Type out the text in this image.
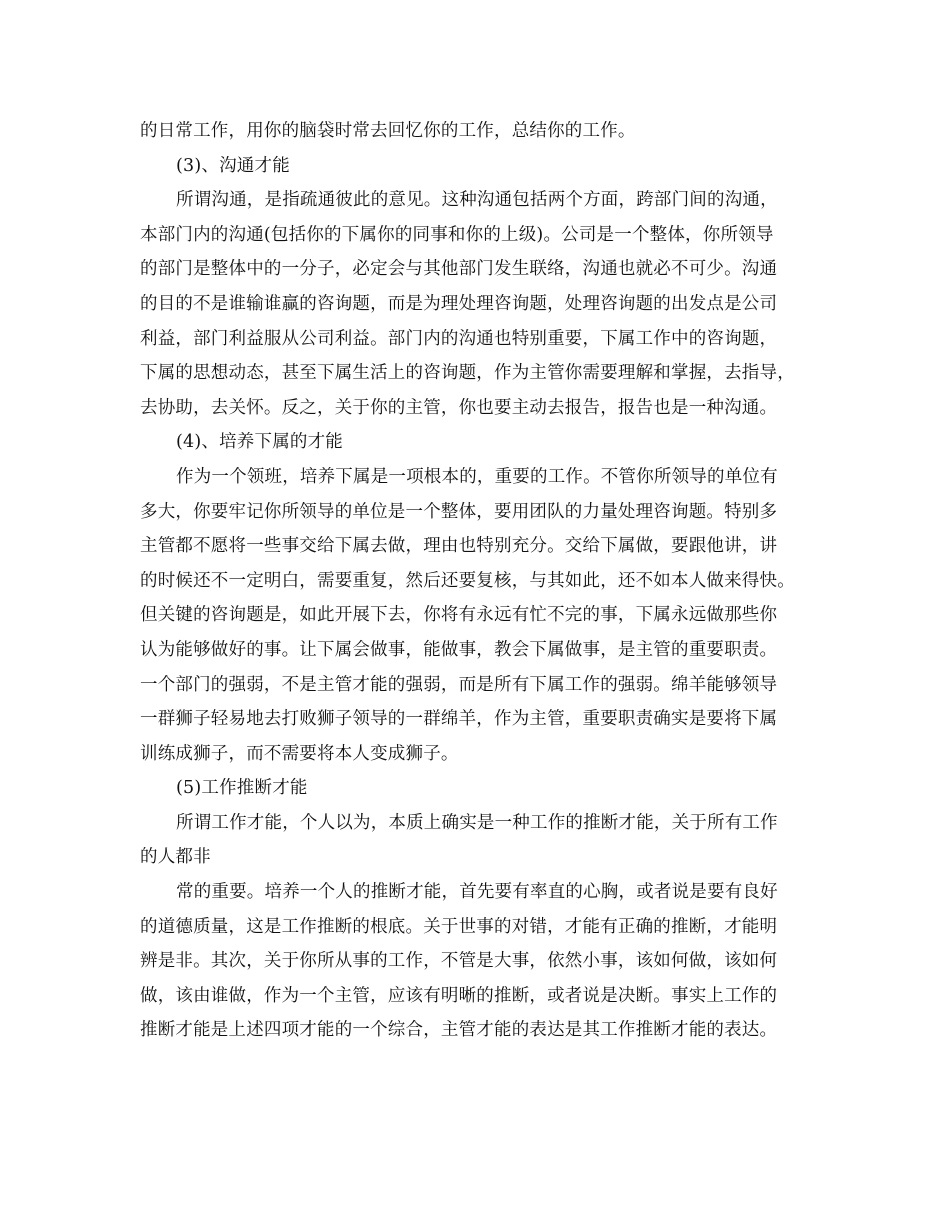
的日常工作，用你的脑袋时常去回忆你的工作，总结你的工作。
(3)、沟通才能
所谓沟通，是指疏通彼此的意见。这种沟通包括两个方面，跨部门间的沟通，
本部门内的沟通(包括你的下属你的同事和你的上级)。公司是一个整体，你所领导
的部门是整体中的一分子，必定会与其他部门发生联络，沟通也就必不可少。沟通
的目的不是谁输谁赢的咨询题，而是为理处理咨询题，处理咨询题的出发点是公司
利益，部门利益服从公司利益。部门内的沟通也特别重要，下属工作中的咨询题，
下属的思想动态，甚至下属生活上的咨询题，作为主管你需要理解和掌握，去指导，
去协助，去关怀。反之，关于你的主管，你也要主动去报告，报告也是一种沟通。
(4)、培养下属的才能
作为一个领班，培养下属是一项根本的，重要的工作。不管你所领导的单位有
多大，你要牢记你所领导的单位是一个整体，要用团队的力量处理咨询题。特别多
主管都不愿将一些事交给下属去做，理由也特别充分。交给下属做，要跟他讲，讲
的时候还不一定明白，需要重复，然后还要复核，与其如此，还不如本人做来得快。
但关键的咨询题是，如此开展下去，你将有永远有忙不完的事，下属永远做那些你
认为能够做好的事。让下属会做事，能做事，教会下属做事，是主管的重要职责。
一个部门的强弱，不是主管才能的强弱，而是所有下属工作的强弱。绵羊能够领导
一群狮子轻易地去打败狮子领导的一群绵羊，作为主管，重要职责确实是要将下属
训练成狮子，而不需要将本人变成狮子。
(5)工作推断才能
所谓工作才能，个人以为，本质上确实是一种工作的推断才能，关于所有工作
的人都非
常的重要。培养一个人的推断才能，首先要有率直的心胸，或者说是要有良好
的道德质量，这是工作推断的根底。关于世事的对错，才能有正确的推断，才能明
辨是非。其次，关于你所从事的工作，不管是大事，依然小事，该如何做，该如何
做，该由谁做，作为一个主管，应该有明晰的推断，或者说是决断。事实上工作的
推断才能是上述四项才能的一个综合，主管才能的表达是其工作推断才能的表达。
